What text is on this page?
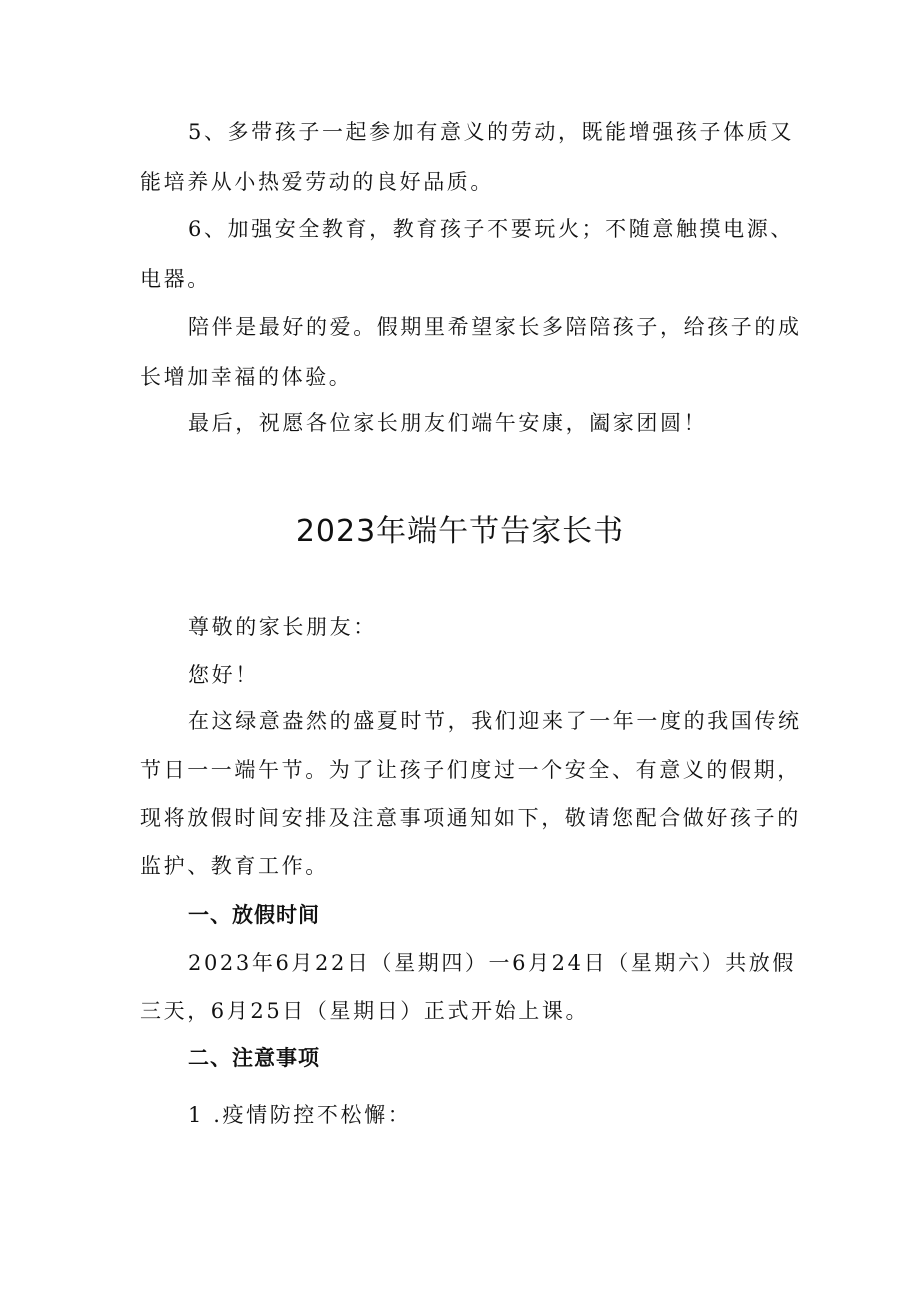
5、多带孩子一起参加有意义的劳动，既能增强孩子体质又
能培养从小热爱劳动的良好品质。
6、加强安全教育，教育孩子不要玩火；不随意触摸电源、
电器。
陪伴是最好的爱。假期里希望家长多陪陪孩子，给孩子的成
长增加幸福的体验。
最后，祝愿各位家长朋友们端午安康，阖家团圆！
2023年端午节告家长书
尊敬的家长朋友：
您好！
在这绿意盎然的盛夏时节，我们迎来了一年一度的我国传统
节日一一端午节。为了让孩子们度过一个安全、有意义的假期，
现将放假时间安排及注意事项通知如下，敬请您配合做好孩子的
监护、教育工作。
一、放假时间
2023年6月22日（星期四）一6月24日（星期六）共放假
三天，6月25日（星期日）正式开始上课。
二、注意事项
1 .疫情防控不松懈：
